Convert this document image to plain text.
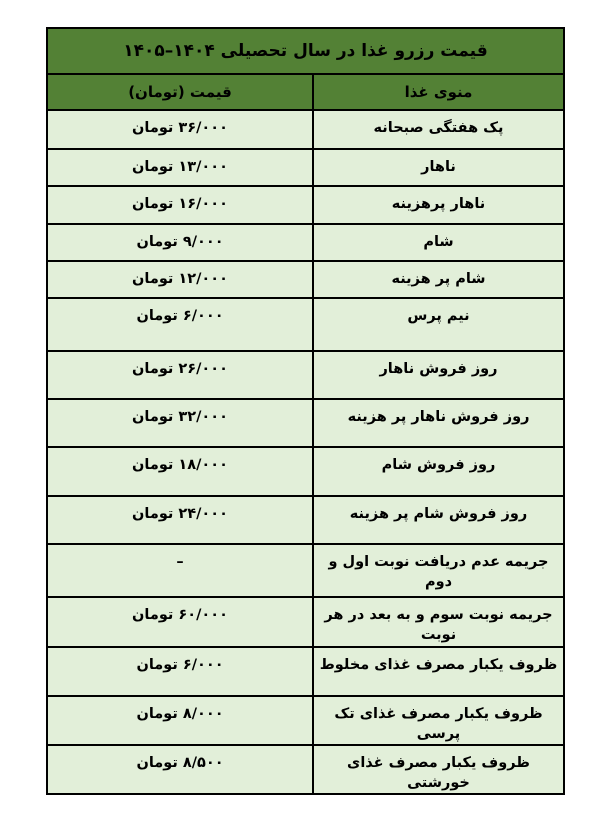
قیمت رزرو غذا در سال تحصیلی ۱۴۰۴–۱۴۰۵	
منوی غذا	قیمت (تومان)
پک هفتگی صبحانه	۳۶/۰۰۰ تومان
ناهار	۱۳/۰۰۰ تومان
ناهار پرهزینه	۱۶/۰۰۰ تومان
شام	۹/۰۰۰ تومان
شام پر هزینه	۱۲/۰۰۰ تومان
نیم پرس	۶/۰۰۰ تومان
روز فروش ناهار	۲۶/۰۰۰ تومان
روز فروش ناهار پر هزینه	۳۲/۰۰۰ تومان
روز فروش شام	۱۸/۰۰۰ تومان
روز فروش شام پر هزینه	۲۴/۰۰۰ تومان
جریمه عدم دریافت نوبت اول و دوم	–
جریمه نوبت سوم و به بعد در هر نوبت	۶۰/۰۰۰ تومان
ظروف یکبار مصرف غذای مخلوط	۶/۰۰۰ تومان
ظروف یکبار مصرف غذای تک پرسی	۸/۰۰۰ تومان
ظروف یکبار مصرف غذای خورشتی	۸/۵۰۰ تومان
